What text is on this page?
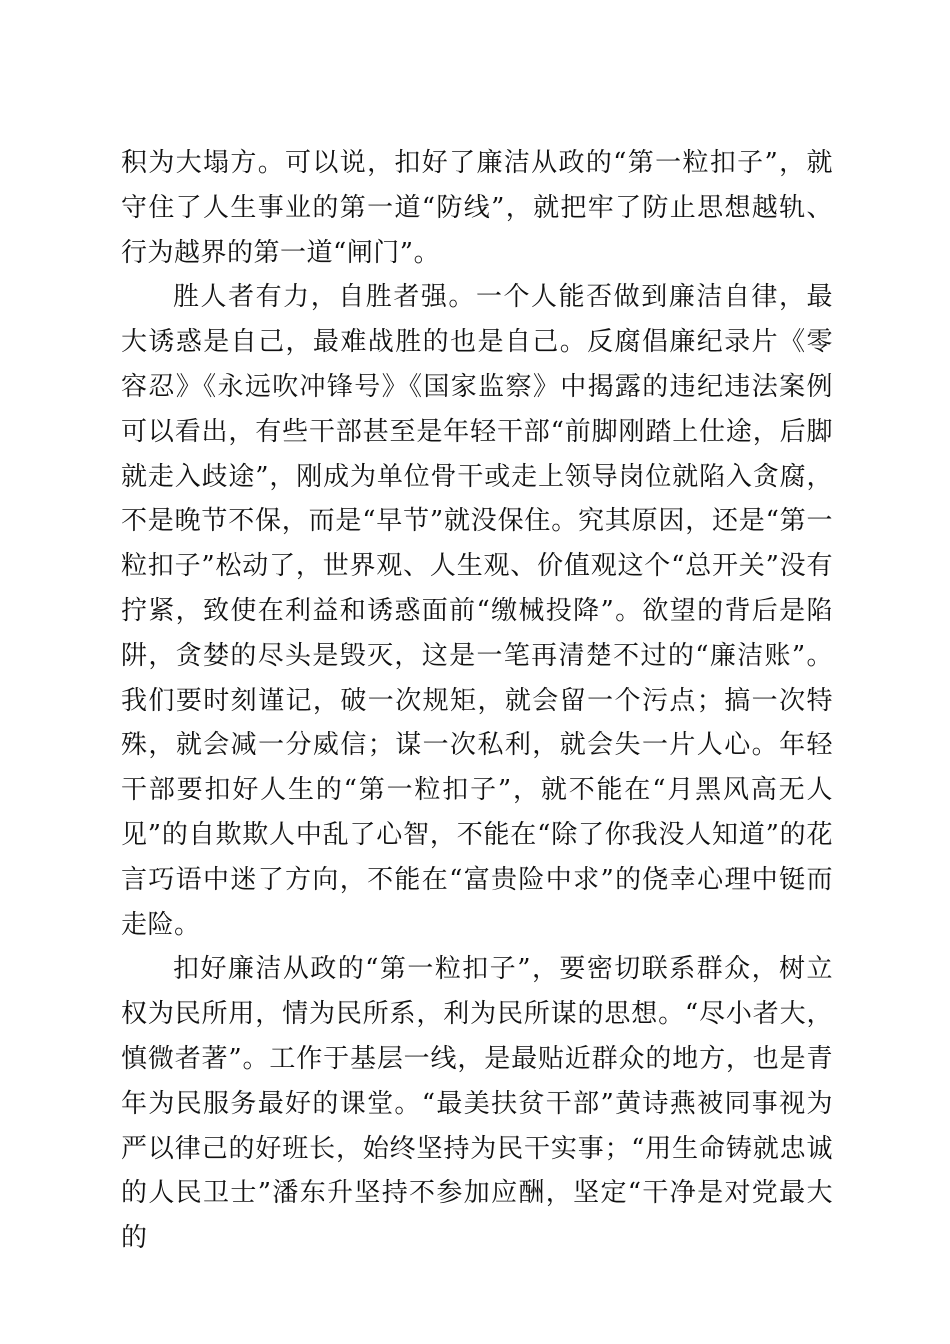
积为大塌方。可以说，扣好了廉洁从政的“第一粒扣子”，就守住了人生事业的第一道“防线”，就把牢了防止思想越轨、行为越界的第一道“闸门”。

胜人者有力，自胜者强。一个人能否做到廉洁自律，最大诱惑是自己，最难战胜的也是自己。反腐倡廉纪录片《零容忍》《永远吹冲锋号》《国家监察》中揭露的违纪违法案例可以看出，有些干部甚至是年轻干部“前脚刚踏上仕途，后脚就走入歧途”，刚成为单位骨干或走上领导岗位就陷入贪腐，不是晚节不保，而是“早节”就没保住。究其原因，还是“第一粒扣子”松动了，世界观、人生观、价值观这个“总开关”没有拧紧，致使在利益和诱惑面前“缴械投降”。欲望的背后是陷阱，贪婪的尽头是毁灭，这是一笔再清楚不过的“廉洁账”。我们要时刻谨记，破一次规矩，就会留一个污点；搞一次特殊，就会减一分威信；谋一次私利，就会失一片人心。年轻干部要扣好人生的“第一粒扣子”，就不能在“月黑风高无人见”的自欺欺人中乱了心智，不能在“除了你我没人知道”的花言巧语中迷了方向，不能在“富贵险中求”的侥幸心理中铤而走险。

扣好廉洁从政的“第一粒扣子”，要密切联系群众，树立权为民所用，情为民所系，利为民所谋的思想。“尽小者大，慎微者著”。工作于基层一线，是最贴近群众的地方，也是青年为民服务最好的课堂。“最美扶贫干部”黄诗燕被同事视为严以律己的好班长，始终坚持为民干实事；“用生命铸就忠诚的人民卫士”潘东升坚持不参加应酬，坚定“干净是对党最大的
